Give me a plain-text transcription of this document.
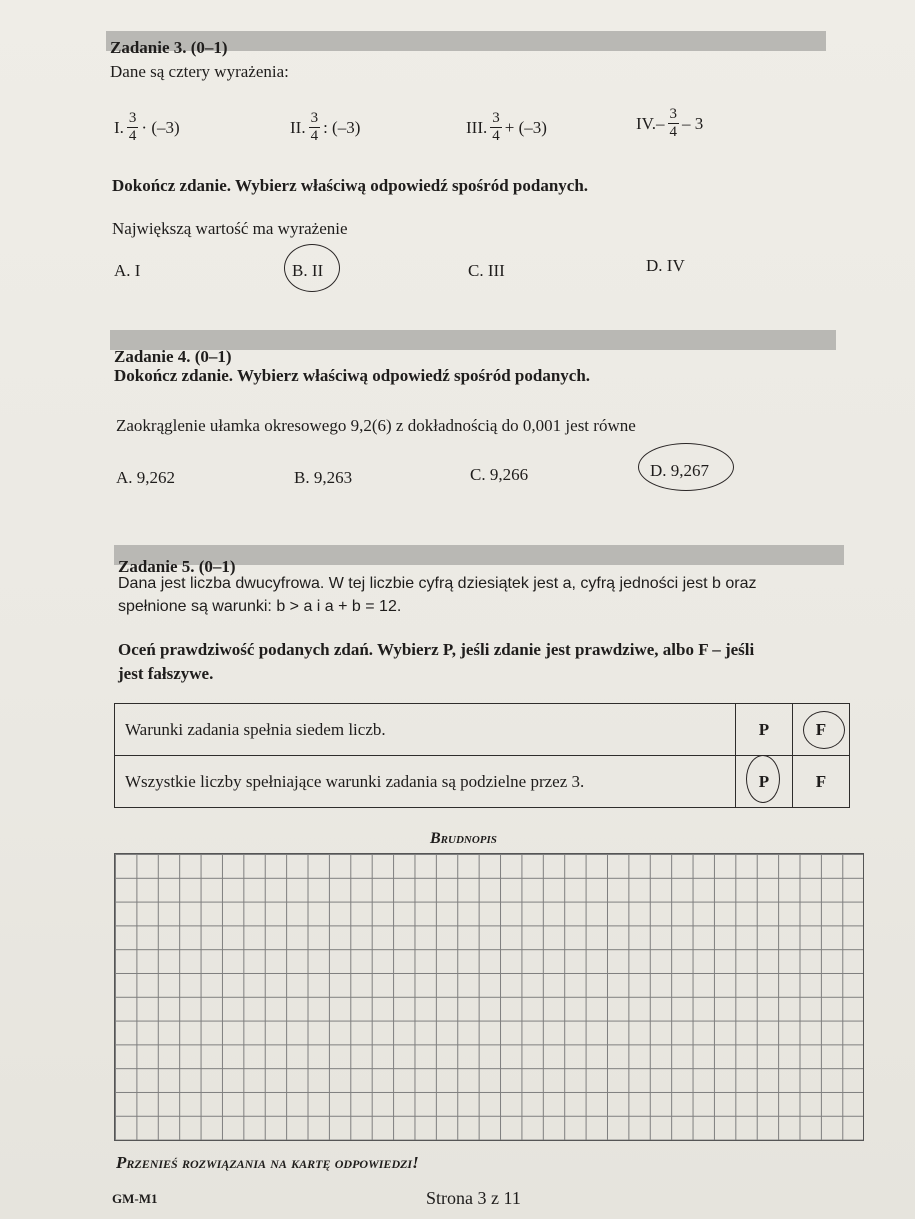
Zadanie 3. (0–1)
Dane są cztery wyrażenia:
I. $\frac{3}{4} \cdot (-3)$	II. $\frac{3}{4}$ : (–3)	III. $\frac{3}{4} + (-3)$	IV. – $\frac{3}{4} - 3$
Dokończ zdanie. Wybierz właściwą odpowiedź spośród podanych.
Największą wartość ma wyrażenie
A. I	B. II	C. III	D. IV
Zadanie 4. (0–1)
Dokończ zdanie. Wybierz właściwą odpowiedź spośród podanych.
Zaokrąglenie ułamka okresowego 9,2(6) z dokładnością do 0,001 jest równe
A. 9,262	B. 9,263	C. 9,266	D. 9,267
Zadanie 5. (0–1)
Dana jest liczba dwucyfrowa. W tej liczbie cyfrą dziesiątek jest a, cyfrą jedności jest b oraz
spełnione są warunki: b > a i a + b = 12.
Oceń prawdziwość podanych zdań. Wybierz P, jeśli zdanie jest prawdziwe, albo F – jeśli
jest fałszywe.
Warunki zadania spełnia siedem liczb.	P	F
Wszystkie liczby spełniające warunki zadania są podzielne przez 3.	P	F
Brudnopis
Przenieś rozwiązania na kartę odpowiedzi!
GM-M1	Strona 3 z 11
